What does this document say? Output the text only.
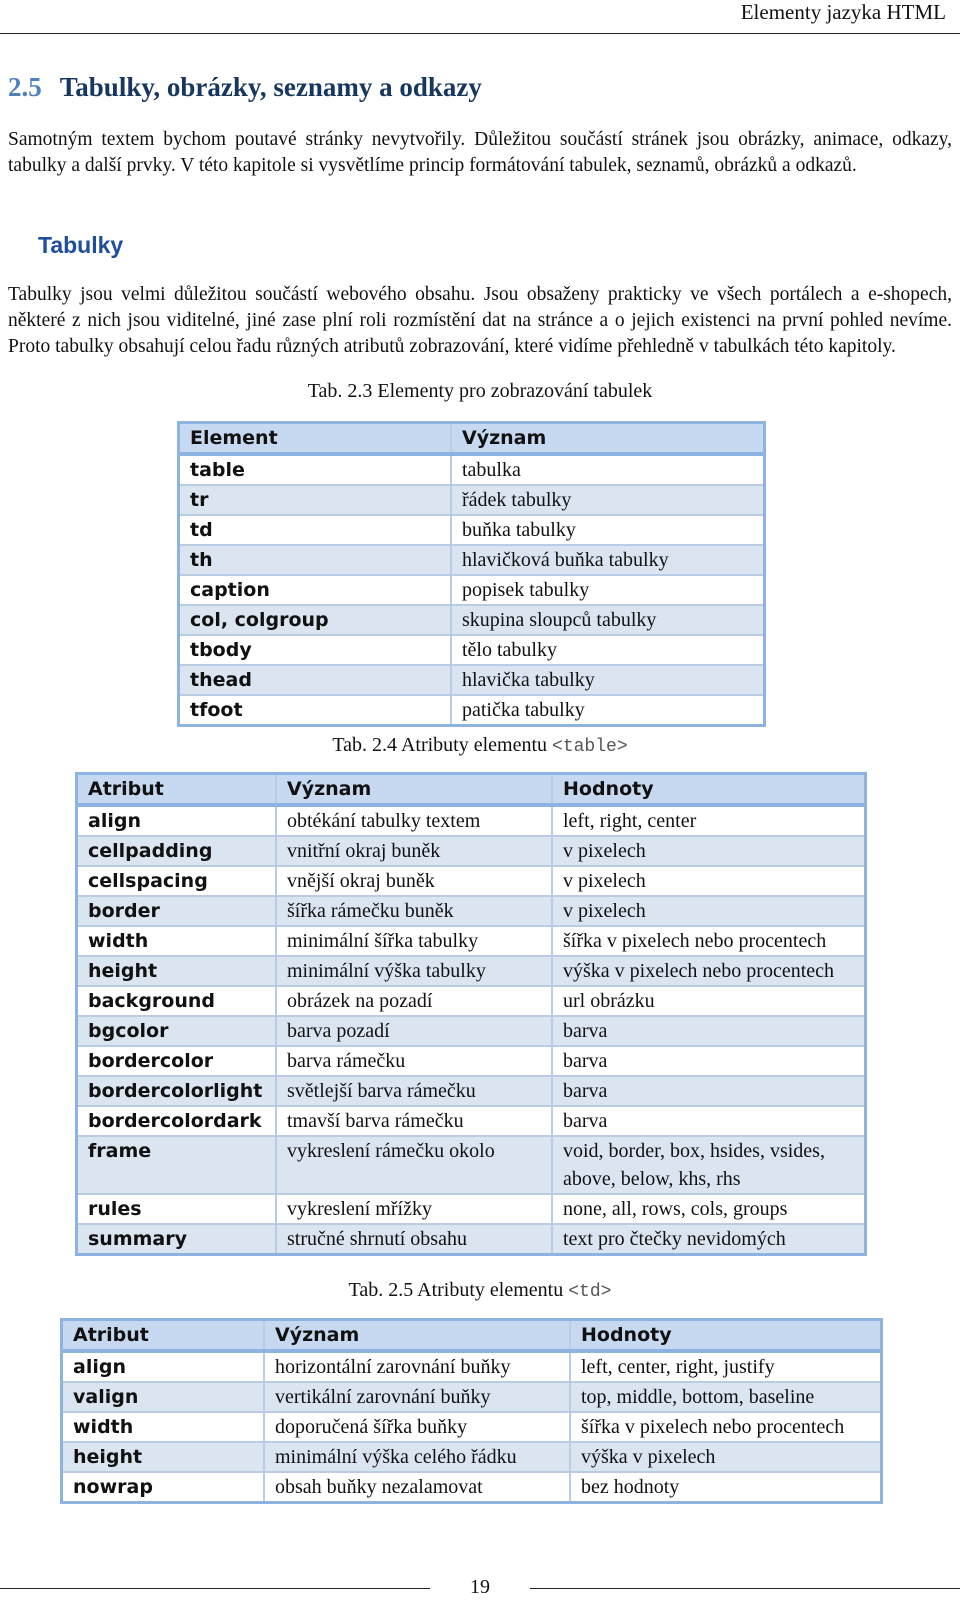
Elementy jazyka HTML
2.5 Tabulky, obrázky, seznamy a odkazy
Samotným textem bychom poutavé stránky nevytvořily. Důležitou součástí stránek jsou obrázky, animace, odkazy, tabulky a další prvky. V této kapitole si vysvětlíme princip formátování tabulek, seznamů, obrázků a odkazů.
Tabulky
Tabulky jsou velmi důležitou součástí webového obsahu. Jsou obsaženy prakticky ve všech portálech a e-shopech, některé z nich jsou viditelné, jiné zase plní roli rozmístění dat na stránce a o jejich existenci na první pohled nevíme. Proto tabulky obsahují celou řadu různých atributů zobrazování, které vidíme přehledně v tabulkách této kapitoly.
Tab. 2.3 Elementy pro zobrazování tabulek
Element	Význam
table	tabulka
tr	řádek tabulky
td	buňka tabulky
th	hlavičková buňka tabulky
caption	popisek tabulky
col, colgroup	skupina sloupců tabulky
tbody	tělo tabulky
thead	hlavička tabulky
tfoot	patička tabulky
Tab. 2.4 Atributy elementu <table>
Atribut	Význam	Hodnoty
align	obtékání tabulky textem	left, right, center
cellpadding	vnitřní okraj buněk	v pixelech
cellspacing	vnější okraj buněk	v pixelech
border	šířka rámečku buněk	v pixelech
width	minimální šířka tabulky	šířka v pixelech nebo procentech
height	minimální výška tabulky	výška v pixelech nebo procentech
background	obrázek na pozadí	url obrázku
bgcolor	barva pozadí	barva
bordercolor	barva rámečku	barva
bordercolorlight	světlejší barva rámečku	barva
bordercolordark	tmavší barva rámečku	barva
frame	vykreslení rámečku okolo	void, border, box, hsides, vsides, above, below, khs, rhs
rules	vykreslení mřížky	none, all, rows, cols, groups
summary	stručné shrnutí obsahu	text pro čtečky nevidomých
Tab. 2.5 Atributy elementu <td>
Atribut	Význam	Hodnoty
align	horizontální zarovnání buňky	left, center, right, justify
valign	vertikální zarovnání buňky	top, middle, bottom, baseline
width	doporučená šířka buňky	šířka v pixelech nebo procentech
height	minimální výška celého řádku	výška v pixelech
nowrap	obsah buňky nezalamovat	bez hodnoty
19
